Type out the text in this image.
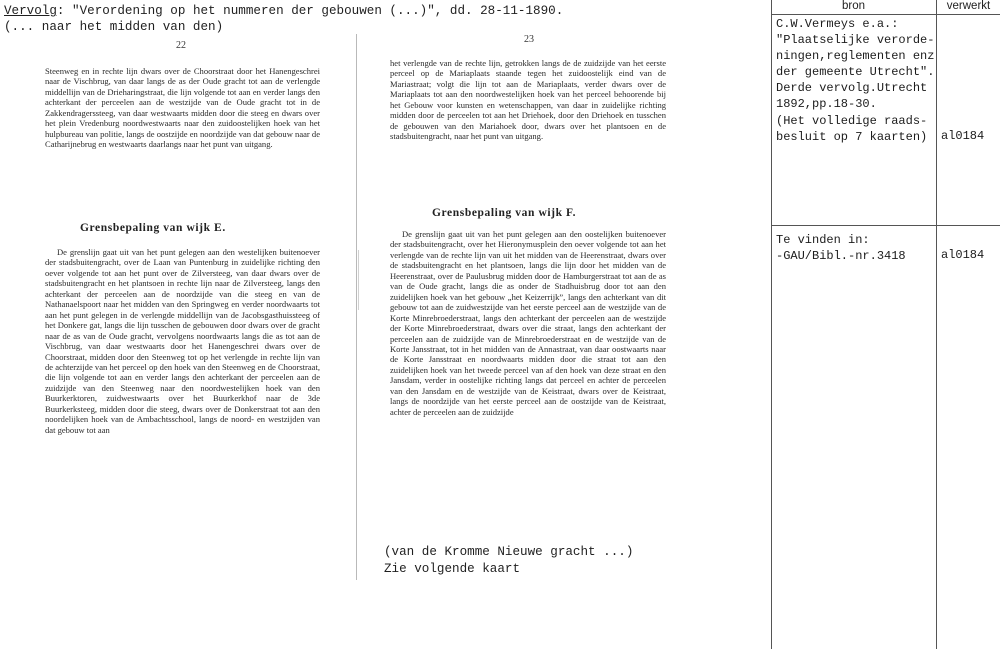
Vervolg: "Verordening op het nummeren der gebouwen (...)", dd. 28-11-1890.
(... naar het midden van den)
22

Steenweg en in rechte lijn dwars over de Choorstraat door het Hanengeschrei naar de Vischbrug, van daar langs de as der Oude gracht tot aan de verlengde middellijn van de Drieharingstraat, die lijn volgende tot aan en verder langs den achterkant der perceelen aan de westzijde van de Oude gracht tot in de Zakkendragerssteeg, van daar westwaarts midden door die steeg en dwars over het plein Vredenburg noordwestwaarts naar den zuidoostelijken hoek van het hulpbureau van politie, langs de oostzijde en noordzijde van dat gebouw naar de Catharijnebrug en westwaarts daarlangs naar het punt van uitgang.

Grensbepaling van wijk E.

De grenslijn gaat uit van het punt gelegen aan den westelijken buitenoever der stadsbuitengracht, over de Laan van Puntenburg in zuidelijke richting den oever volgende tot aan het punt over de Zilversteeg, van daar dwars over de stadsbuitengracht en het plantsoen in rechte lijn naar de Zilversteeg, langs den achterkant der perceelen aan de noordzijde van die steeg en van de Nathanaelspoort naar het midden van den Springweg en verder noordwaarts tot aan het punt gelegen in de verlengde middellijn van de Jacobsgasthuissteeg of het Donkere gat, langs die lijn tusschen de gebouwen door dwars over de gracht naar de as van de Oude gracht, vervolgens noordwaarts langs die as tot aan de Vischbrug, van daar westwaarts door het Hanengeschrei dwars over de Choorstraat, midden door den Steenweg tot op het verlengde in rechte lijn van de achterzijde van het perceel op den hoek van den Steenweg en de Choorstraat, die lijn volgende tot aan en verder langs den achterkant der perceelen aan de zuidzijde van den Steenweg naar den noordwestelijken hoek van den Buurkerktoren, zuidwestwaarts over het Buurkerkhof naar de 3de Buurkerksteeg, midden door die steeg, dwars over de Donkerstraat tot aan den noordelijken hoek van de Ambachtsschool, langs de noord- en westzijden van dat gebouw tot aan

23

het verlengde van de rechte lijn, getrokken langs de de zuidzijde van het eerste perceel op de Mariaplaats staande tegen het zuidoostelijk eind van de Mariastraat; volgt die lijn tot aan de Mariaplaats, verder dwars over de Mariaplaats tot aan den noordwestelijken hoek van het perceel behoorende bij het Gebouw voor kunsten en wetenschappen, van daar in zuidelijke richting midden door de perceelen tot aan het Driehoek, door den Driehoek en tusschen de gebouwen van den Mariahoek door, dwars over het plantsoen en de stadsbuitengracht, naar het punt van uitgang.

Grensbepaling van wijk F.

De grenslijn gaat uit van het punt gelegen aan den oostelijken buitenoever der stadsbuitengracht, over het Hieronymusplein den oever volgende tot aan het verlengde van de rechte lijn van uit het midden van de Heerenstraat, dwars over de stadsbuitengracht en het plantsoen, langs die lijn door het midden van de Heerenstraat, over de Paulusbrug midden door de Hamburgerstraat tot aan de as van de Oude gracht, langs die as onder de Stadhuisbrug door tot aan den zuidelijken hoek van het gebouw „het Keizerrijk”, langs den achterkant van dit gebouw tot aan de zuidwestzijde van het eerste perceel aan de westzijde van de Korte Minrebroederstraat, langs den achterkant der perceelen aan de westzijde der Korte Minrebroederstraat, dwars over die straat, langs den achterkant der perceelen aan de zuidzijde van de Minrebroederstraat en de westzijde van de Korte Jansstraat, tot in het midden van de Annastraat, van daar oostwaarts naar de Korte Jansstraat en noordwaarts midden door die straat tot aan den zuidelijken hoek van het tweede perceel van af den hoek van deze straat en den Jansdam, verder in oostelijke richting langs dat perceel en achter de perceelen van den Jansdam en de westzijde van de Keistraat, dwars over de Keistraat, langs de noordzijde van het eerste perceel aan de oostzijde van de Keistraat, achter de perceelen aan de zuidzijde

(van de Kromme Nieuwe gracht ...)
Zie volgende kaart
bron	verwerkt
C.W.Vermeys e.a.:
"Plaatselijke verorde-
ningen,reglementen enz
der gemeente Utrecht".
Derde vervolg.Utrecht
1892,pp.18-30.
(Het volledige raads-
besluit op 7 kaarten)	al0184
Te vinden in:
-GAU/Bibl.-nr.3418	al0184
